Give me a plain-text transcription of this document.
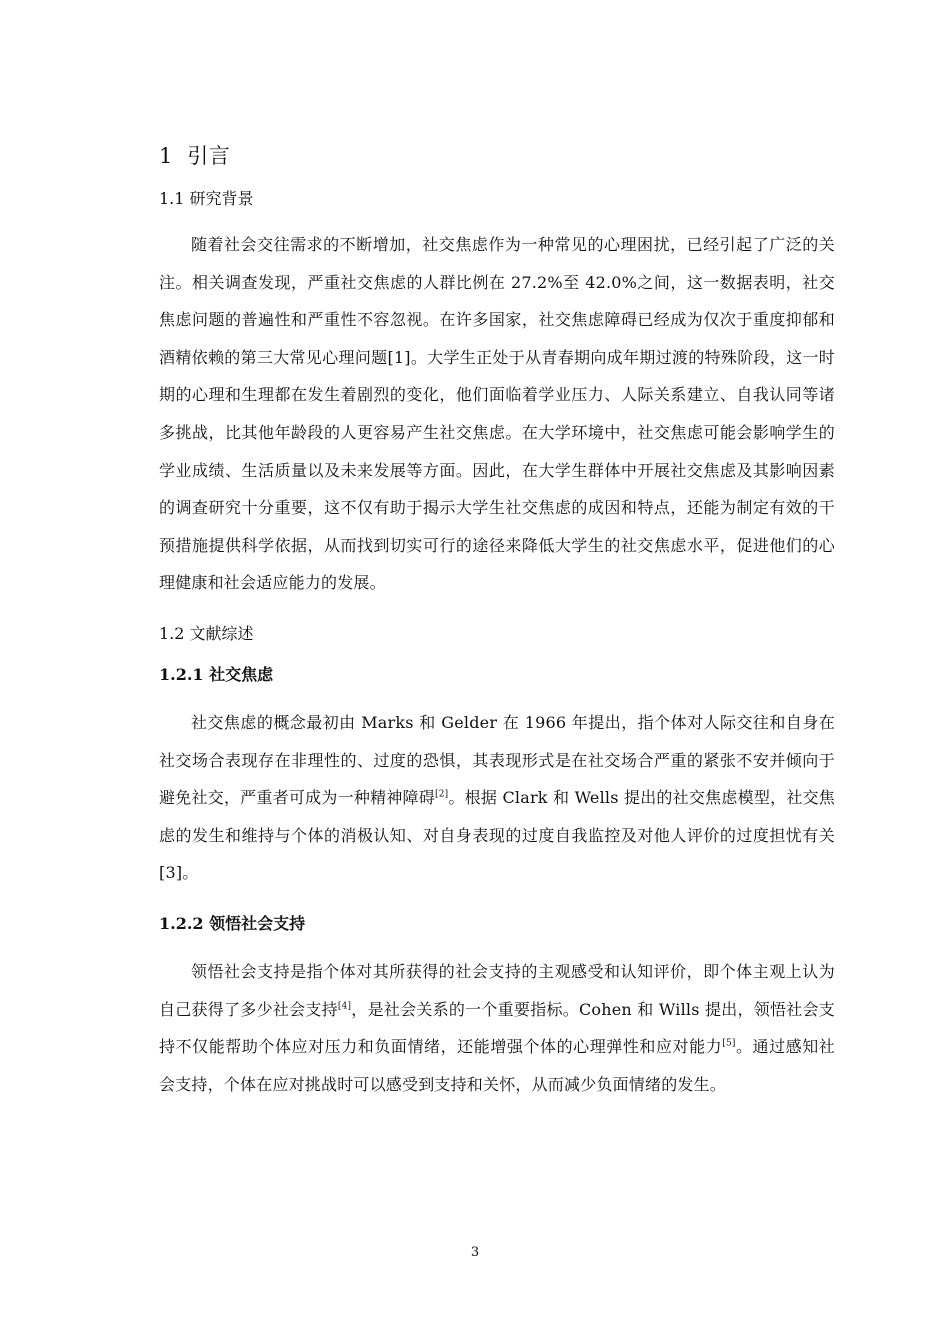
1 引言
1.1 研究背景

随着社会交往需求的不断增加，社交焦虑作为一种常见的心理困扰，已经引起了广泛的关注。相关调查发现，严重社交焦虑的人群比例在 27.2%至 42.0%之间，这一数据表明，社交焦虑问题的普遍性和严重性不容忽视。在许多国家，社交焦虑障碍已经成为仅次于重度抑郁和酒精依赖的第三大常见心理问题[1]。大学生正处于从青春期向成年期过渡的特殊阶段，这一时期的心理和生理都在发生着剧烈的变化，他们面临着学业压力、人际关系建立、自我认同等诸多挑战，比其他年龄段的人更容易产生社交焦虑。在大学环境中，社交焦虑可能会影响学生的学业成绩、生活质量以及未来发展等方面。因此，在大学生群体中开展社交焦虑及其影响因素的调查研究十分重要，这不仅有助于揭示大学生社交焦虑的成因和特点，还能为制定有效的干预措施提供科学依据，从而找到切实可行的途径来降低大学生的社交焦虑水平，促进他们的心理健康和社会适应能力的发展。

1.2 文献综述
1.2.1 社交焦虑

社交焦虑的概念最初由 Marks 和 Gelder 在 1966 年提出，指个体对人际交往和自身在社交场合表现存在非理性的、过度的恐惧，其表现形式是在社交场合严重的紧张不安并倾向于避免社交，严重者可成为一种精神障碍[2]。根据 Clark 和 Wells 提出的社交焦虑模型，社交焦虑的发生和维持与个体的消极认知、对自身表现的过度自我监控及对他人评价的过度担忧有关[3]。

1.2.2 领悟社会支持

领悟社会支持是指个体对其所获得的社会支持的主观感受和认知评价，即个体主观上认为自己获得了多少社会支持[4]，是社会关系的一个重要指标。Cohen 和 Wills 提出，领悟社会支持不仅能帮助个体应对压力和负面情绪，还能增强个体的心理弹性和应对能力[5]。通过感知社会支持，个体在应对挑战时可以感受到支持和关怀，从而减少负面情绪的发生。

3
